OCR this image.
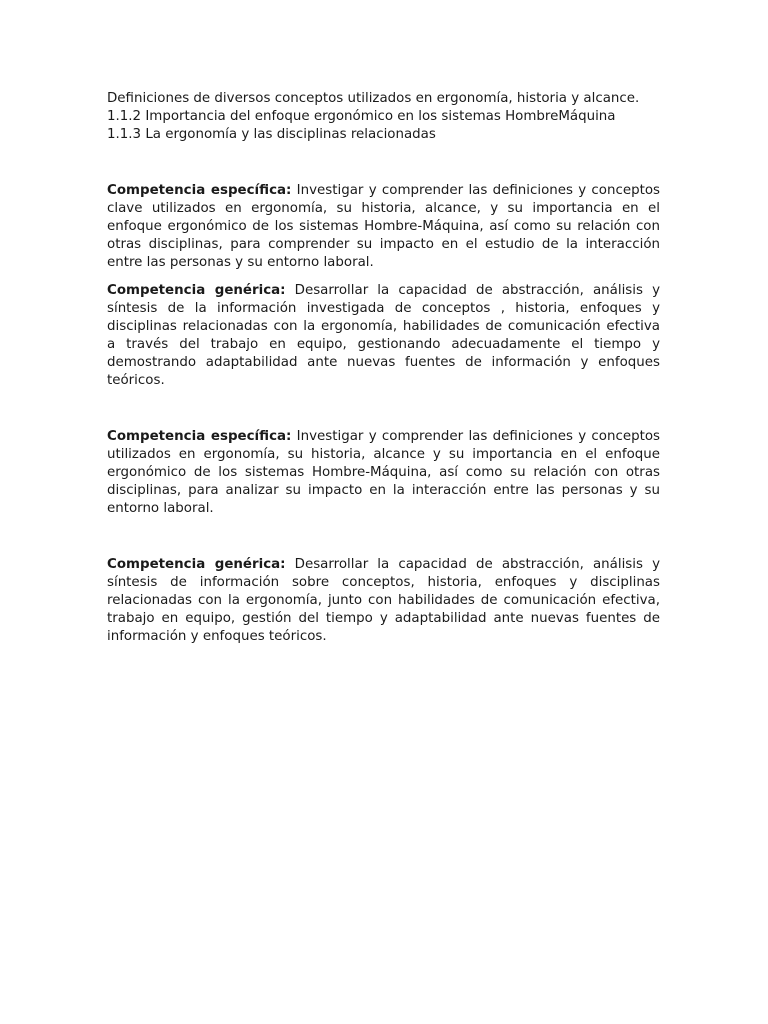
Definiciones de diversos conceptos utilizados en ergonomía, historia y alcance.

1.1.2 Importancia del enfoque ergonómico en los sistemas HombreMáquina

1.1.3 La ergonomía y las disciplinas relacionadas

Competencia específica: Investigar y comprender las definiciones y conceptos clave utilizados en ergonomía, su historia, alcance, y su importancia en el enfoque ergonómico de los sistemas Hombre-Máquina, así como su relación con otras disciplinas, para comprender su impacto en el estudio de la interacción entre las personas y su entorno laboral.

Competencia genérica: Desarrollar la capacidad de abstracción, análisis y síntesis de la información investigada de conceptos , historia, enfoques y disciplinas relacionadas con la ergonomía, habilidades de comunicación efectiva a través del trabajo en equipo, gestionando adecuadamente el tiempo y demostrando adaptabilidad ante nuevas fuentes de información y enfoques teóricos.

Competencia específica: Investigar y comprender las definiciones y conceptos utilizados en ergonomía, su historia, alcance y su importancia en el enfoque ergonómico de los sistemas Hombre-Máquina, así como su relación con otras disciplinas, para analizar su impacto en la interacción entre las personas y su entorno laboral.

Competencia genérica: Desarrollar la capacidad de abstracción, análisis y síntesis de información sobre conceptos, historia, enfoques y disciplinas relacionadas con la ergonomía, junto con habilidades de comunicación efectiva, trabajo en equipo, gestión del tiempo y adaptabilidad ante nuevas fuentes de información y enfoques teóricos.
